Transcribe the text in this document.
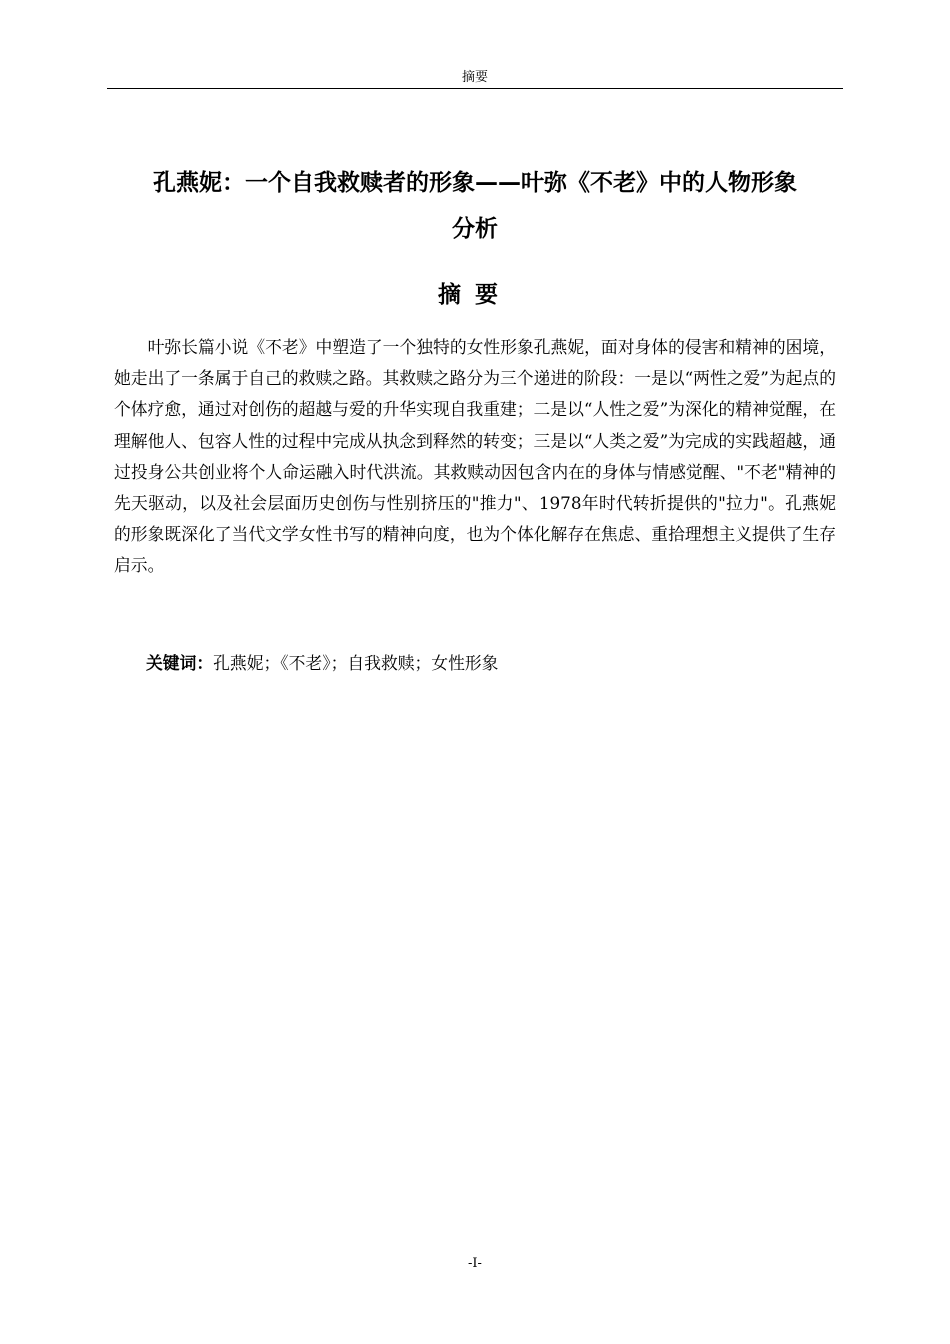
摘要
孔燕妮：一个自我救赎者的形象——叶弥《不老》中的人物形象
分析
摘要

叶弥长篇小说《不老》中塑造了一个独特的女性形象孔燕妮，面对身体的侵害和精神的困境，她走出了一条属于自己的救赎之路。其救赎之路分为三个递进的阶段：一是以“两性之爱”为起点的个体疗愈，通过对创伤的超越与爱的升华实现自我重建；二是以“人性之爱”为深化的精神觉醒，在理解他人、包容人性的过程中完成从执念到释然的转变；三是以“人类之爱”为完成的实践超越，通过投身公共创业将个人命运融入时代洪流。其救赎动因包含内在的身体与情感觉醒、"不老"精神的先天驱动，以及社会层面历史创伤与性别挤压的"推力"、1978年时代转折提供的"拉力"。孔燕妮的形象既深化了当代文学女性书写的精神向度，也为个体化解存在焦虑、重拾理想主义提供了生存启示。

关键词：孔燕妮；《不老》；自我救赎；女性形象

-I-
